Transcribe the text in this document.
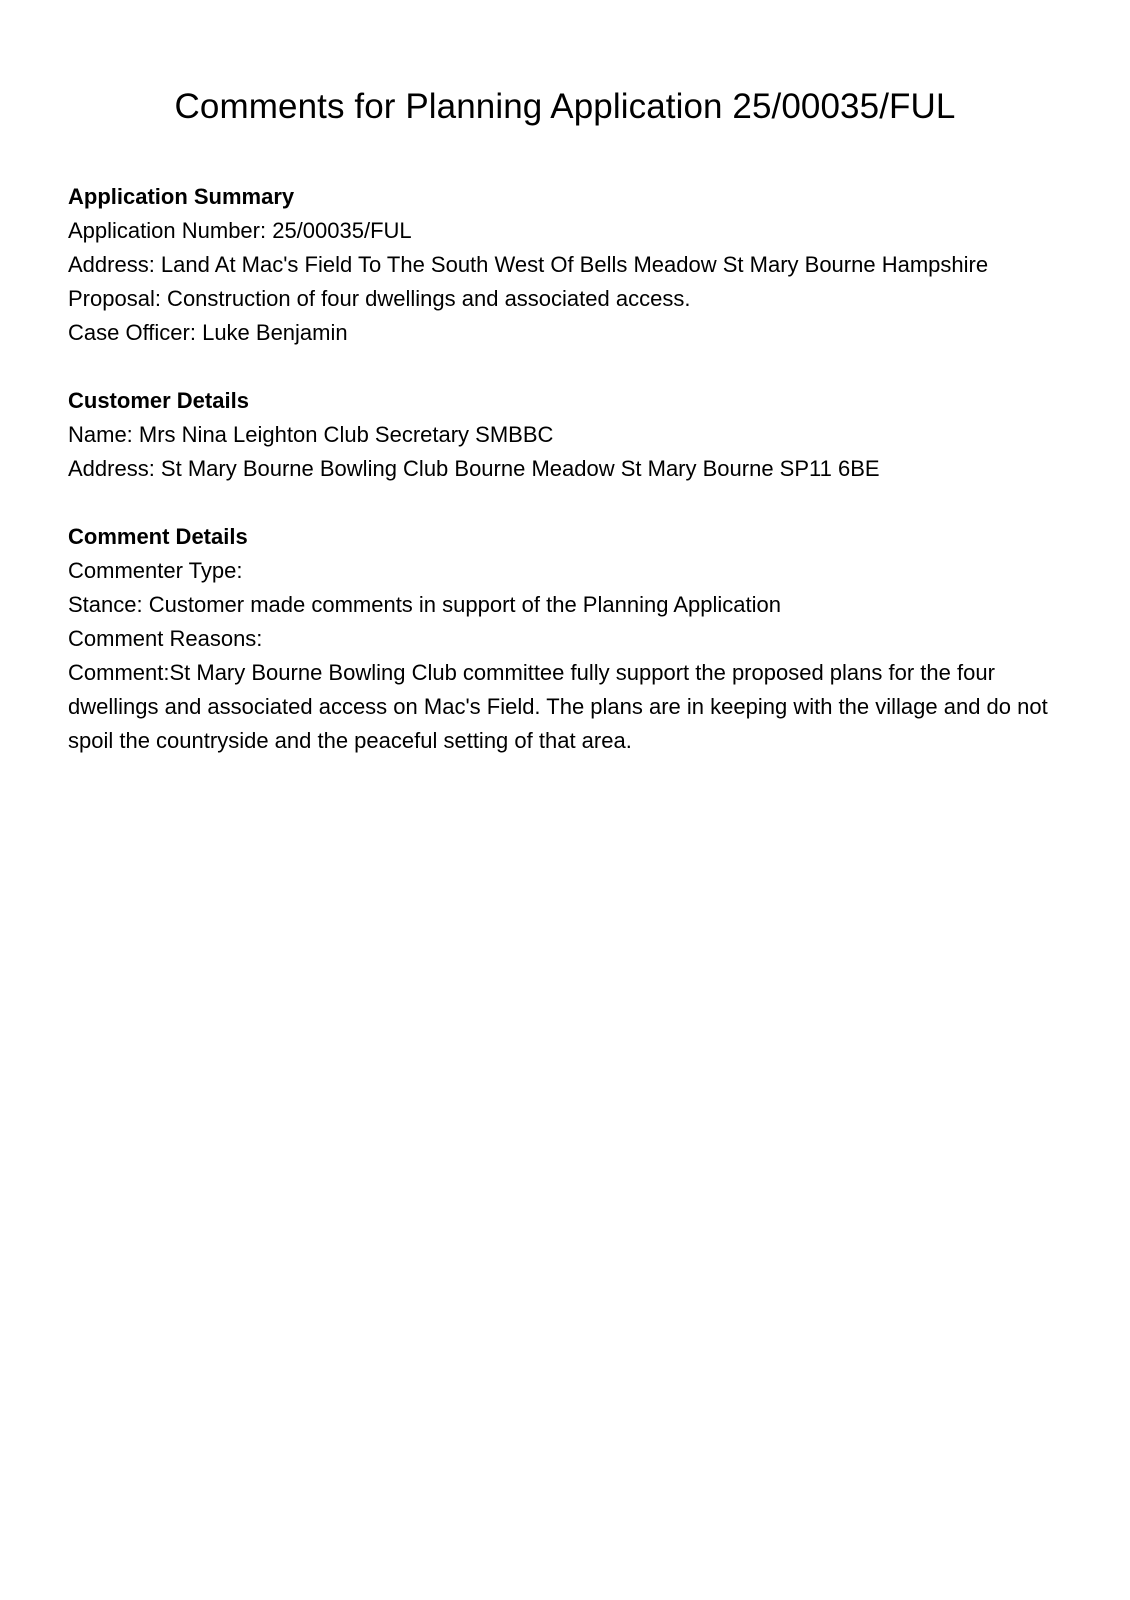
Comments for Planning Application 25/00035/FUL

Application Summary

Application Number: 25/00035/FUL

Address: Land At Mac's Field To The South West Of Bells Meadow St Mary Bourne Hampshire

Proposal: Construction of four dwellings and associated access.

Case Officer: Luke Benjamin

Customer Details

Name: Mrs Nina Leighton Club Secretary SMBBC

Address: St Mary Bourne Bowling Club Bourne Meadow St Mary Bourne SP11 6BE

Comment Details

Commenter Type:

Stance: Customer made comments in support of the Planning Application

Comment Reasons:

Comment:St Mary Bourne Bowling Club committee fully support the proposed plans for the four dwellings and associated access on Mac's Field. The plans are in keeping with the village and do not spoil the countryside and the peaceful setting of that area.
